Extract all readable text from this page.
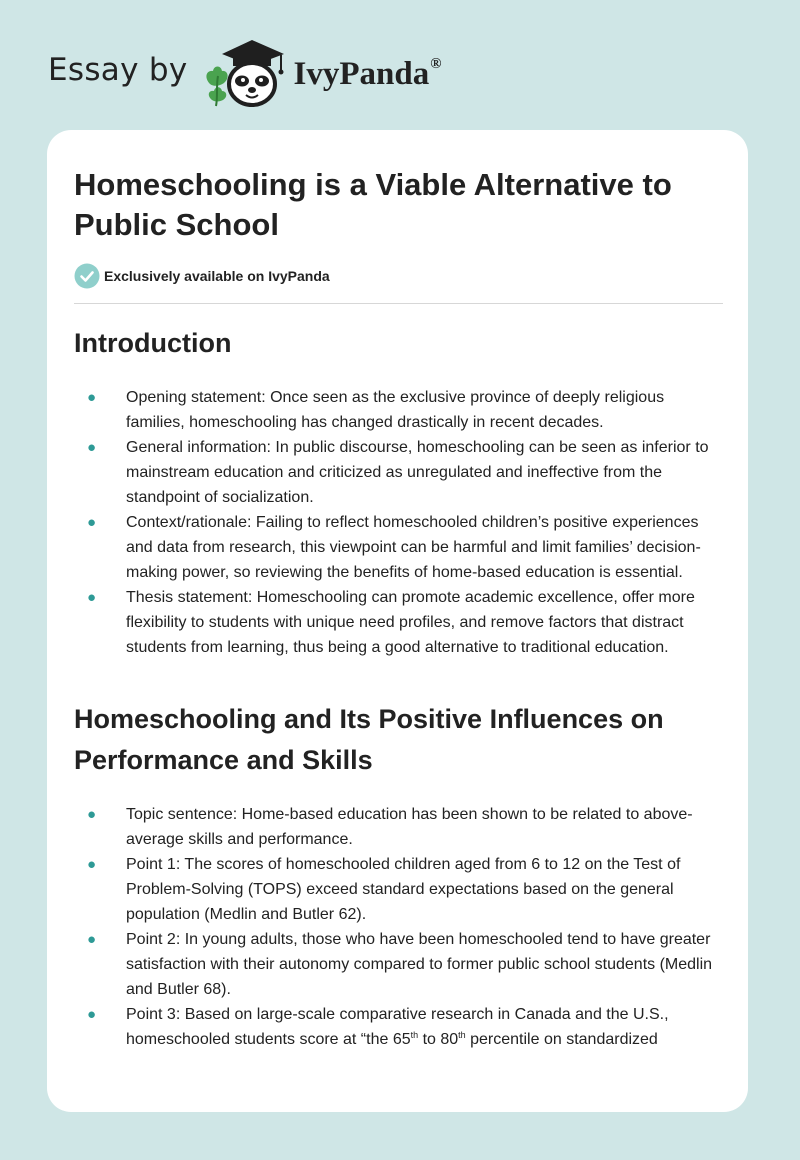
Essay by	IvyPanda®
Homeschooling is a Viable Alternative to Public School
Exclusively available on IvyPanda
Introduction
● Opening statement: Once seen as the exclusive province of deeply religious families, homeschooling has changed drastically in recent decades.
● General information: In public discourse, homeschooling can be seen as inferior to mainstream education and criticized as unregulated and ineffective from the standpoint of socialization.
● Context/rationale: Failing to reflect homeschooled children’s positive experiences and data from research, this viewpoint can be harmful and limit families’ decision-making power, so reviewing the benefits of home-based education is essential.
● Thesis statement: Homeschooling can promote academic excellence, offer more flexibility to students with unique need profiles, and remove factors that distract students from learning, thus being a good alternative to traditional education.
Homeschooling and Its Positive Influences on Performance and Skills
● Topic sentence: Home-based education has been shown to be related to above-average skills and performance.
● Point 1: The scores of homeschooled children aged from 6 to 12 on the Test of Problem-Solving (TOPS) exceed standard expectations based on the general population (Medlin and Butler 62).
● Point 2: In young adults, those who have been homeschooled tend to have greater satisfaction with their autonomy compared to former public school students (Medlin and Butler 68).
● Point 3: Based on large-scale comparative research in Canada and the U.S., homeschooled students score at “the 65th to 80th percentile on standardized
